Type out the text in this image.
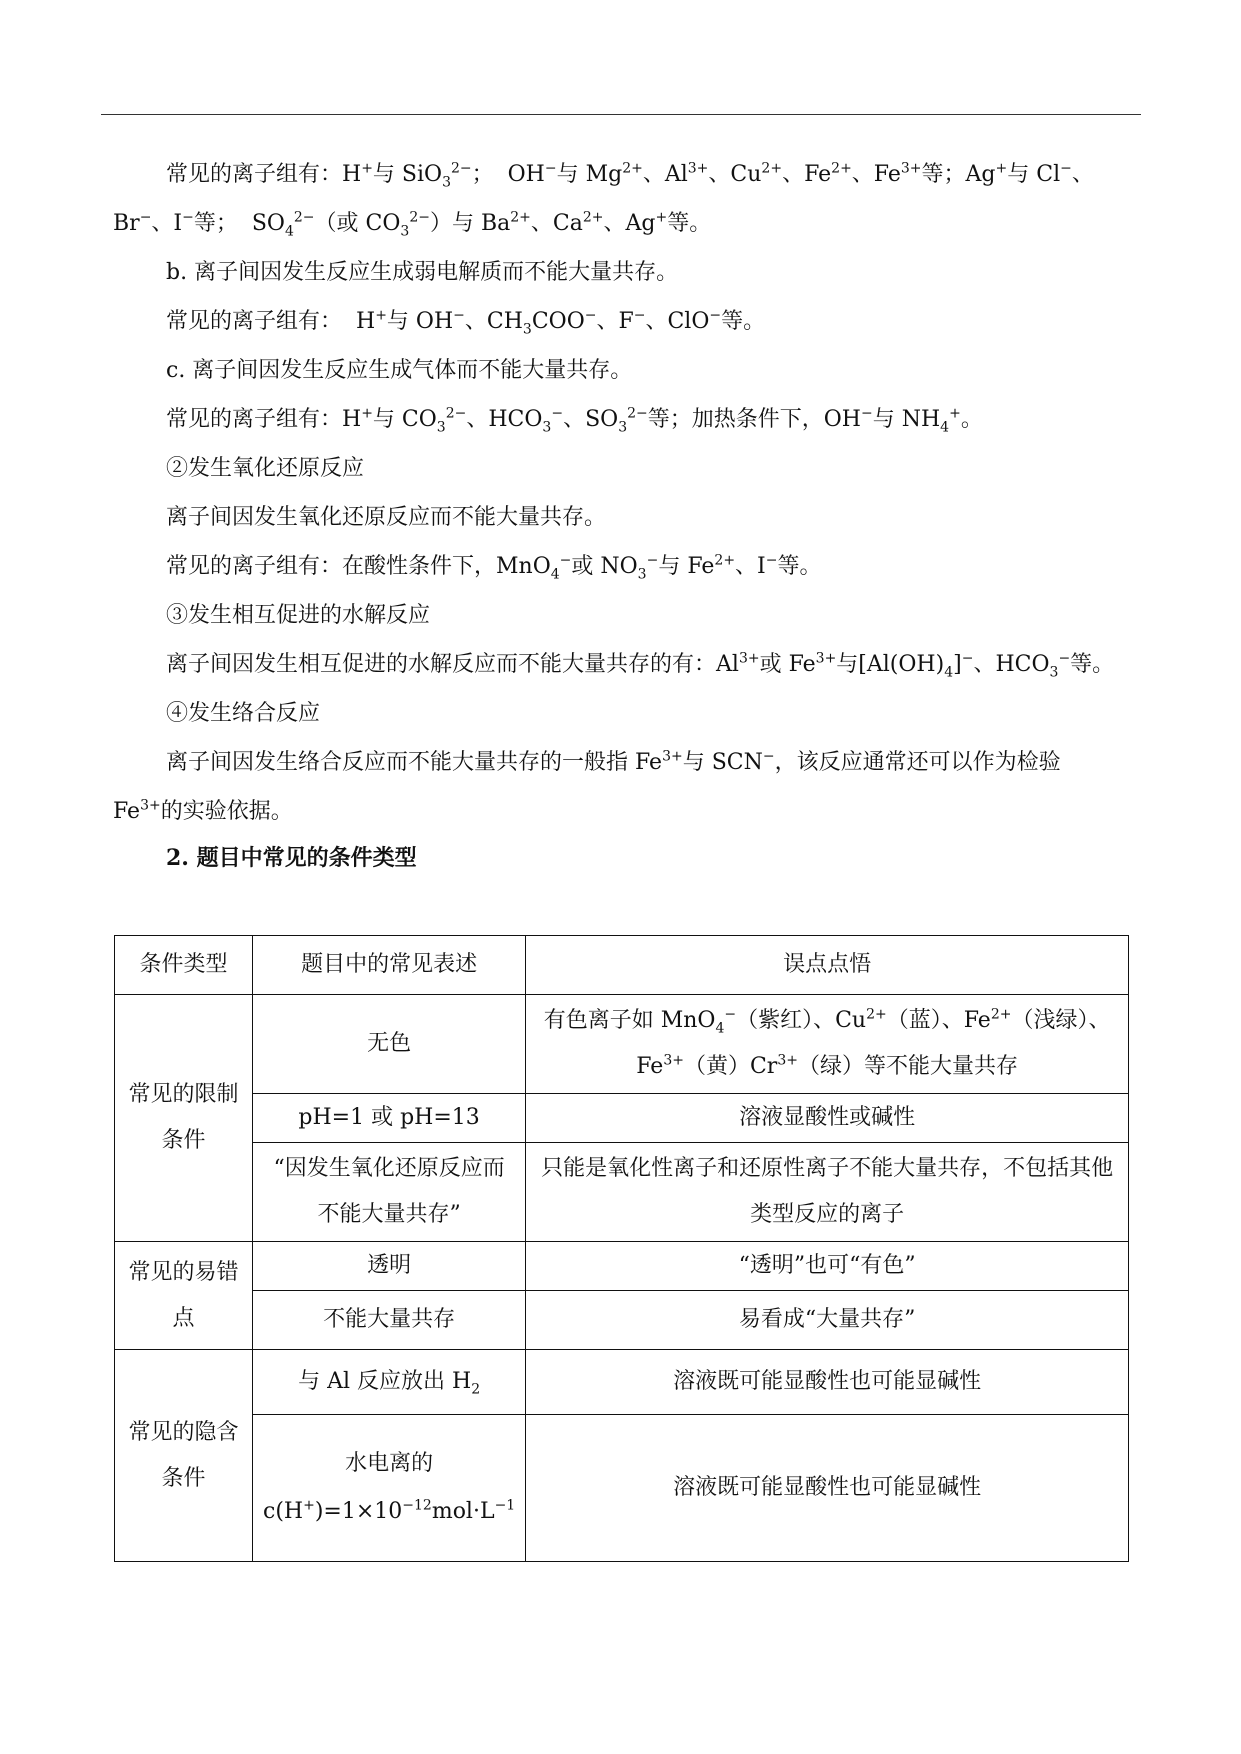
常见的离子组有：H+与 SiO$_3^{2-}$；  OH−与 $Mg^{2+}$、$Al^{3+}$、$Cu^{2+}$、$Fe^{2+}$、$Fe^{3+}$等；Ag+与 Cl−、Br−、I−等；  $SO_4^{2-}$（或 $CO_3^{2-}$）与 $Ba^{2+}$、$Ca^{2+}$、Ag+等。

b. 离子间因发生反应生成弱电解质而不能大量共存。

常见的离子组有：  H+与 OH−、$CH_3COO^-$、F−、ClO−等。

c. 离子间因发生反应生成气体而不能大量共存。

常见的离子组有：H+与 $CO_3^{2-}$、$HCO_3^-$、$SO_3^{2-}$等；加热条件下，OH−与 $NH_4^+$。

②发生氧化还原反应

离子间因发生氧化还原反应而不能大量共存。

常见的离子组有：在酸性条件下，MnO$_4$−或 $NO_3^-$与 $Fe^{2+}$、I−等。

③发生相互促进的水解反应

离子间因发生相互促进的水解反应而不能大量共存的有：$Al^{3+}$或 $Fe^{3+}$与$[Al(OH)_4]^-$、$HCO_3^-$等。

④发生络合反应

离子间因发生络合反应而不能大量共存的一般指 $Fe^{3+}$与 SCN−，该反应通常还可以作为检验 $Fe^{3+}$的实验依据。

2. 题目中常见的条件类型

条件类型	题目中的常见表述	误点点悟
常见的限制条件	无色	有色离子如 MnO$_4$−（紫红）、$Cu^{2+}$（蓝）、$Fe^{2+}$（浅绿）、$Fe^{3+}$（黄）$Cr^{3+}$（绿）等不能大量共存
	pH=1 或 pH=13	溶液显酸性或碱性
	“因发生氧化还原反应而不能大量共存”	只能是氧化性离子和还原性离子不能大量共存，不包括其他类型反应的离子
常见的易错点	透明	“透明”也可“有色”
	不能大量共存	易看成“大量共存”
常见的隐含条件	与 Al 反应放出 $H_2$	溶液既可能显酸性也可能显碱性
	水电离的 $c(H^+)=1\times 10^{-12}mol\cdot L^{-1}$	溶液既可能显酸性也可能显碱性
